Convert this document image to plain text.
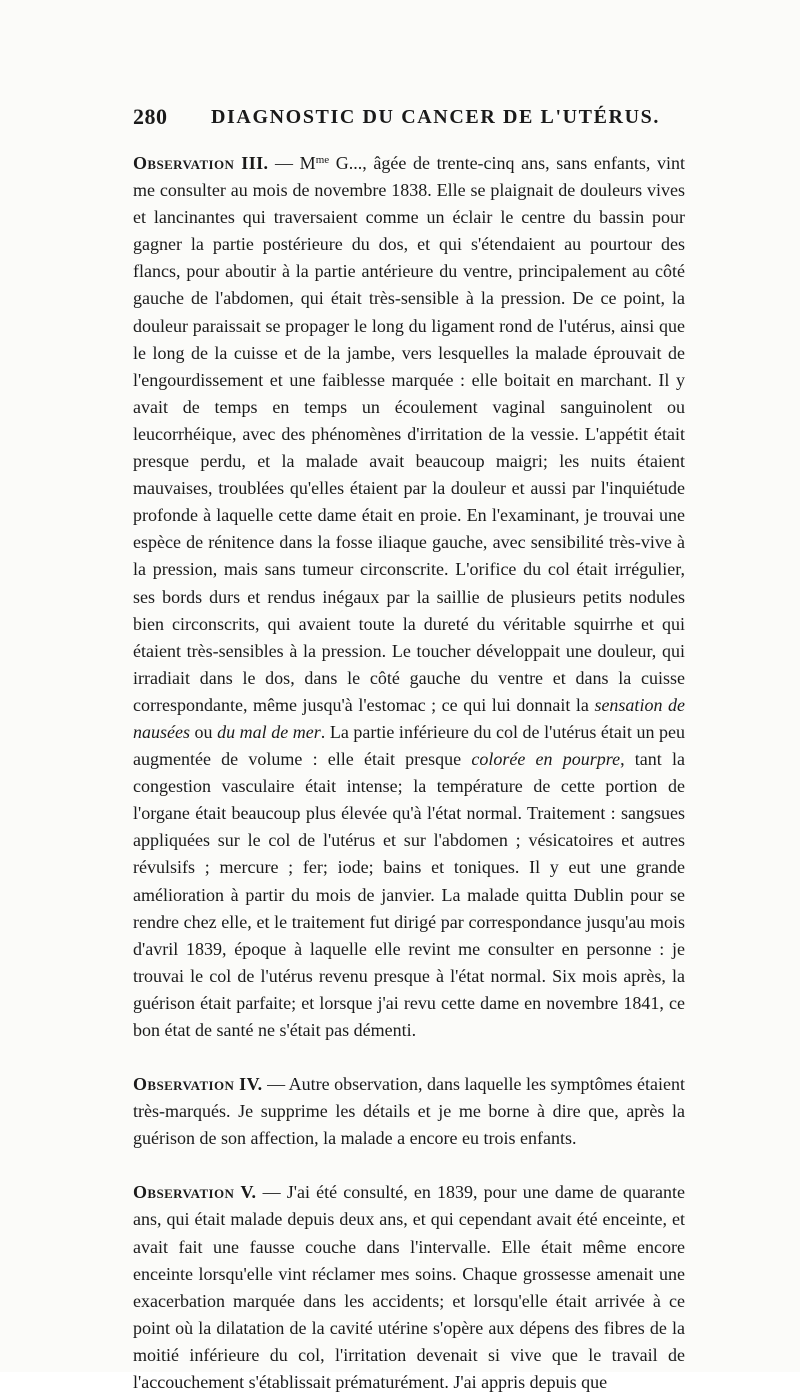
280 DIAGNOSTIC DU CANCER DE L'UTÉRUS.

Observation III. — $M^{me}$ G..., âgée de trente-cinq ans, sans enfants, vint me consulter au mois de novembre 1838. Elle se plaignait de douleurs vives et lancinantes qui traversaient comme un éclair le centre du bassin pour gagner la partie postérieure du dos, et qui s'étendaient au pourtour des flancs, pour aboutir à la partie antérieure du ventre, principalement au côté gauche de l'abdomen, qui était très-sensible à la pression. De ce point, la douleur paraissait se propager le long du ligament rond de l'utérus, ainsi que le long de la cuisse et de la jambe, vers lesquelles la malade éprouvait de l'engourdissement et une faiblesse marquée : elle boitait en marchant. Il y avait de temps en temps un écoulement vaginal sanguinolent ou leucorrhéique, avec des phénomènes d'irritation de la vessie. L'appétit était presque perdu, et la malade avait beaucoup maigri; les nuits étaient mauvaises, troublées qu'elles étaient par la douleur et aussi par l'inquiétude profonde à laquelle cette dame était en proie. En l'examinant, je trouvai une espèce de rénitence dans la fosse iliaque gauche, avec sensibilité très-vive à la pression, mais sans tumeur circonscrite. L'orifice du col était irrégulier, ses bords durs et rendus inégaux par la saillie de plusieurs petits nodules bien circonscrits, qui avaient toute la dureté du véritable squirrhe et qui étaient très-sensibles à la pression. Le toucher développait une douleur, qui irradiait dans le dos, dans le côté gauche du ventre et dans la cuisse correspondante, même jusqu'à l'estomac ; ce qui lui donnait la sensation de nausées ou du mal de mer. La partie inférieure du col de l'utérus était un peu augmentée de volume : elle était presque colorée en pourpre, tant la congestion vasculaire était intense; la température de cette portion de l'organe était beaucoup plus élevée qu'à l'état normal. Traitement : sangsues appliquées sur le col de l'utérus et sur l'abdomen ; vésicatoires et autres révulsifs ; mercure ; fer; iode; bains et toniques. Il y eut une grande amélioration à partir du mois de janvier. La malade quitta Dublin pour se rendre chez elle, et le traitement fut dirigé par correspondance jusqu'au mois d'avril 1839, époque à laquelle elle revint me consulter en personne : je trouvai le col de l'utérus revenu presque à l'état normal. Six mois après, la guérison était parfaite; et lorsque j'ai revu cette dame en novembre 1841, ce bon état de santé ne s'était pas démenti.

Observation IV. — Autre observation, dans laquelle les symptômes étaient très-marqués. Je supprime les détails et je me borne à dire que, après la guérison de son affection, la malade a encore eu trois enfants.

Observation V. — J'ai été consulté, en 1839, pour une dame de quarante ans, qui était malade depuis deux ans, et qui cependant avait été enceinte, et avait fait une fausse couche dans l'intervalle. Elle était même encore enceinte lorsqu'elle vint réclamer mes soins. Chaque grossesse amenait une exacerbation marquée dans les accidents; et lorsqu'elle était arrivée à ce point où la dilatation de la cavité utérine s'opère aux dépens des fibres de la moitié inférieure du col, l'irritation devenait si vive que le travail de l'accouchement s'établissait prématurément. J'ai appris depuis que
